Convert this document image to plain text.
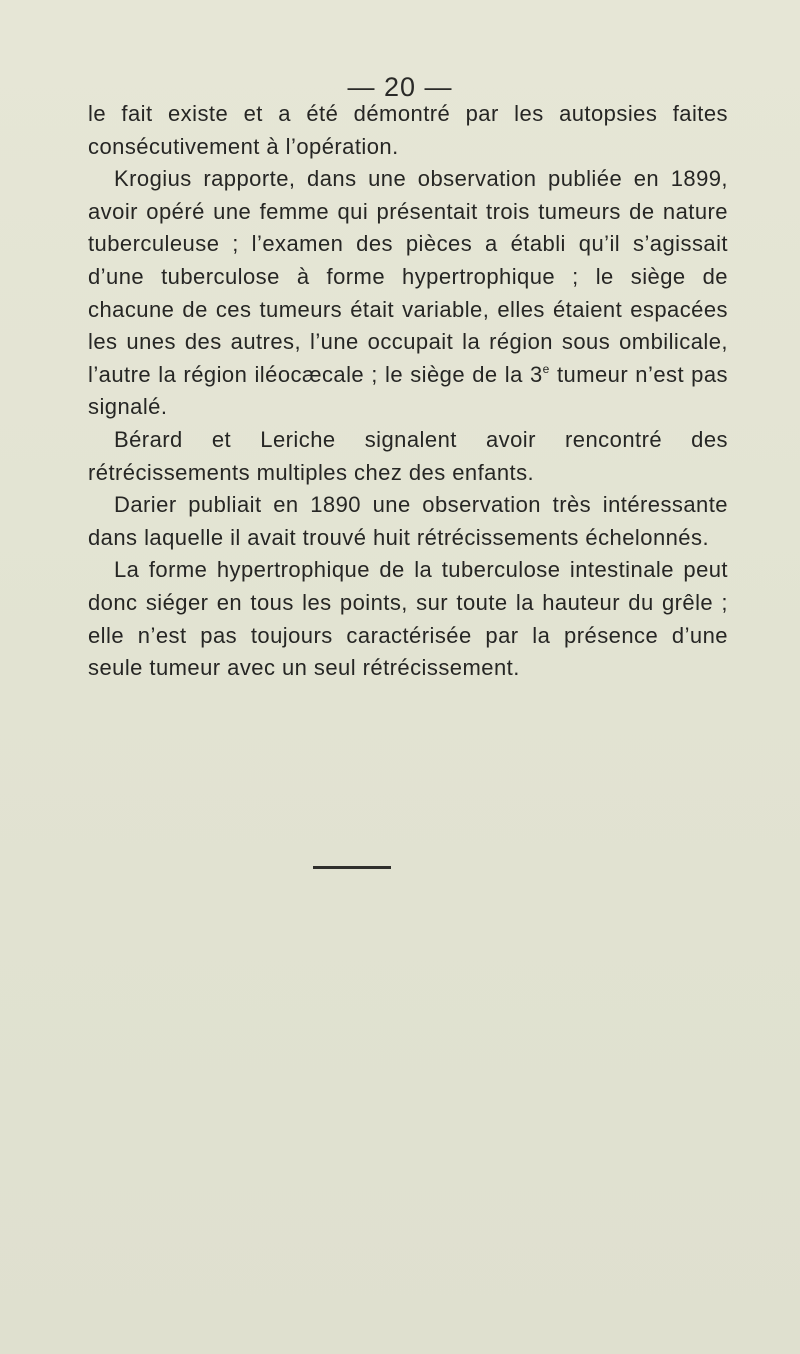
— 20 —

le fait existe et a été démontré par les autopsies faites consécutivement à l’opération.

Krogius rapporte, dans une observation publiée en 1899, avoir opéré une femme qui présentait trois tumeurs de nature tuberculeuse ; l’examen des pièces a établi qu’il s’agissait d’une tuberculose à forme hypertrophique ; le siège de chacune de ces tumeurs était variable, elles étaient espacées les unes des autres, l’une occupait la région sous ombilicale, l’autre la région iléocæcale ; le siège de la 3e tumeur n’est pas signalé.

Bérard et Leriche signalent avoir rencontré des rétrécissements multiples chez des enfants.

Darier publiait en 1890 une observation très intéressante dans laquelle il avait trouvé huit rétrécissements échelonnés.

La forme hypertrophique de la tuberculose intestinale peut donc siéger en tous les points, sur toute la hauteur du grêle ; elle n’est pas toujours caractérisée par la présence d’une seule tumeur avec un seul rétrécissement.
